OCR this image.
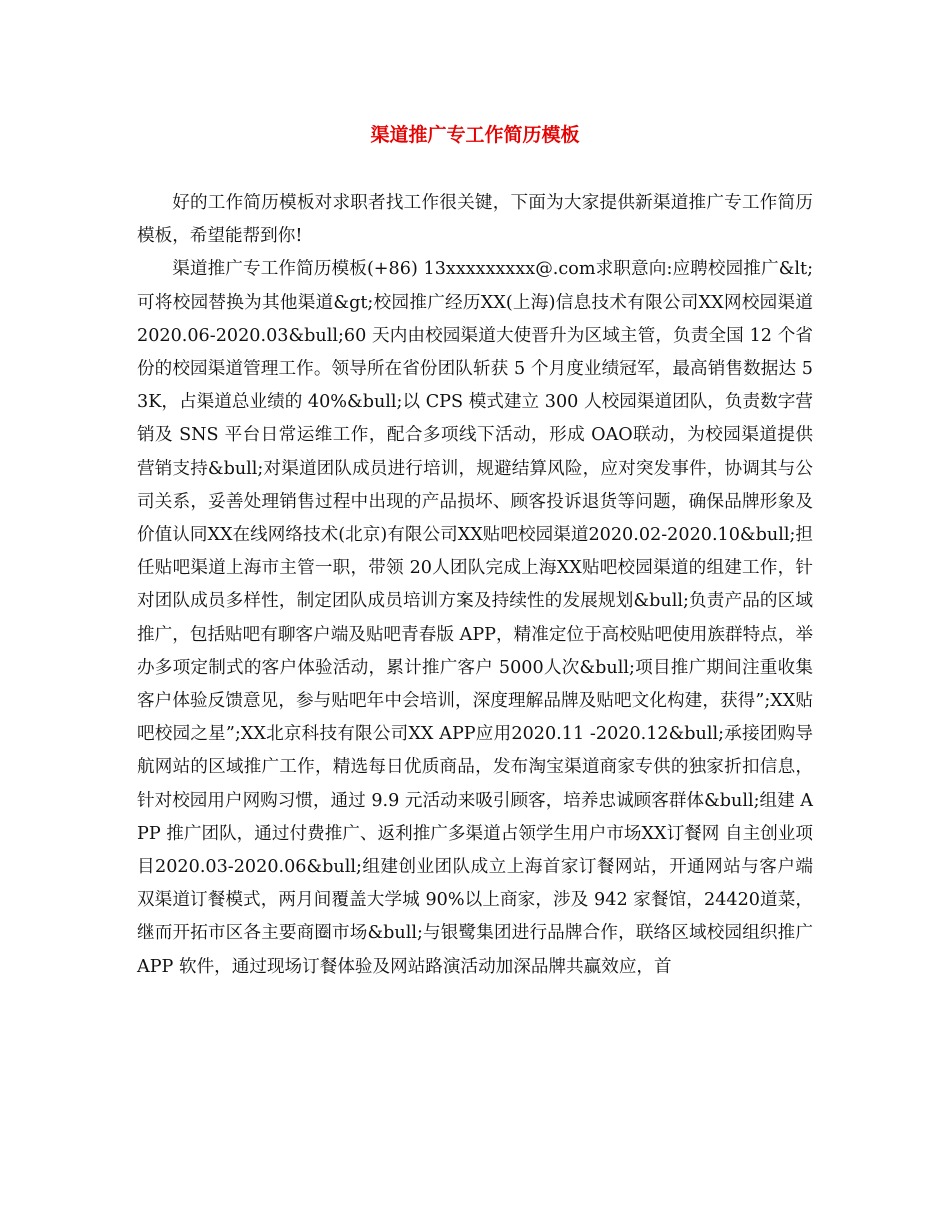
渠道推广专工作简历模板

好的工作简历模板对求职者找工作很关键，下面为大家提供新渠道推广专工作简历模板，希望能帮到你!

渠道推广专工作简历模板(+86) 13xxxxxxxxx@.com求职意向:应聘校园推广&lt;可将校园替换为其他渠道&gt;校园推广经历XX(上海)信息技术有限公司XX网校园渠道2020.06-2020.03&bull;60 天内由校园渠道大使晋升为区域主管，负责全国 12 个省份的校园渠道管理工作。领导所在省份团队斩获 5 个月度业绩冠军，最高销售数据达 53K，占渠道总业绩的 40%&bull;以 CPS 模式建立 300 人校园渠道团队，负责数字营销及 SNS 平台日常运维工作，配合多项线下活动，形成 OAO联动，为校园渠道提供营销支持&bull;对渠道团队成员进行培训，规避结算风险，应对突发事件，协调其与公司关系，妥善处理销售过程中出现的产品损坏、顾客投诉退货等问题，确保品牌形象及价值认同XX在线网络技术(北京)有限公司XX贴吧校园渠道2020.02-2020.10&bull;担任贴吧渠道上海市主管一职，带领 20人团队完成上海XX贴吧校园渠道的组建工作，针对团队成员多样性，制定团队成员培训方案及持续性的发展规划&bull;负责产品的区域推广，包括贴吧有聊客户端及贴吧青春版 APP，精准定位于高校贴吧使用族群特点，举办多项定制式的客户体验活动，累计推广客户 5000人次&bull;项目推广期间注重收集客户体验反馈意见，参与贴吧年中会培训，深度理解品牌及贴吧文化构建，获得”;XX贴吧校园之星”;XX北京科技有限公司XX APP应用2020.11 -2020.12&bull;承接团购导航网站的区域推广工作，精选每日优质商品，发布淘宝渠道商家专供的独家折扣信息，针对校园用户网购习惯，通过 9.9 元活动来吸引顾客，培养忠诚顾客群体&bull;组建 APP 推广团队，通过付费推广、返利推广多渠道占领学生用户市场XX订餐网 自主创业项目2020.03-2020.06&bull;组建创业团队成立上海首家订餐网站，开通网站与客户端双渠道订餐模式，两月间覆盖大学城 90%以上商家，涉及 942 家餐馆，24420道菜，继而开拓市区各主要商圈市场&bull;与银鹭集团进行品牌合作，联络区域校园组织推广 APP 软件，通过现场订餐体验及网站路演活动加深品牌共赢效应，首
